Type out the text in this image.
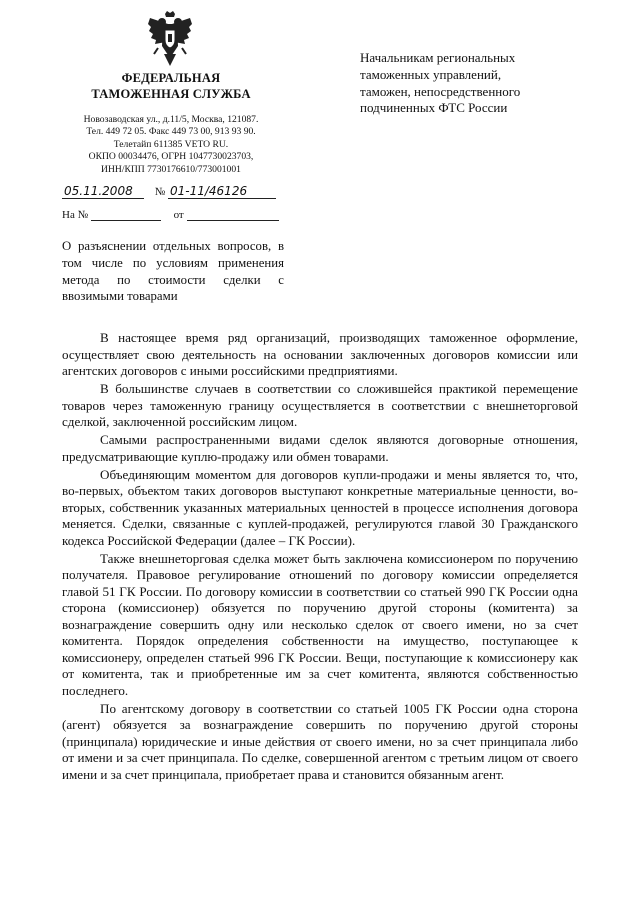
ФЕДЕРАЛЬНАЯ
ТАМОЖЕННАЯ СЛУЖБА
Новозаводская ул., д.11/5, Москва, 121087.
Тел. 449 72 05. Факс 449 73 00, 913 93 90.
Телетайп 611385 VETO RU.
ОКПО 00034476, ОГРН 1047730023703,
ИНН/КПП 7730176610/773001001
05.11.2008 № 01-11/46126
На №	от
Начальникам региональных
таможенных управлений,
таможен, непосредственного
подчиненных ФТС России
О разъяснении отдельных вопросов, в том числе по условиям применения метода по стоимости сделки с ввозимыми товарами

В настоящее время ряд организаций, производящих таможенное оформление, осуществляет свою деятельность на основании заключенных договоров комиссии или агентских договоров с иными российскими предприятиями.

В большинстве случаев в соответствии со сложившейся практикой перемещение товаров через таможенную границу осуществляется в соответствии с внешнеторговой сделкой, заключенной российским лицом.

Самыми распространенными видами сделок являются договорные отношения, предусматривающие куплю-продажу или обмен товарами.

Объединяющим моментом для договоров купли-продажи и мены является то, что, во-первых, объектом таких договоров выступают конкретные материальные ценности, во-вторых, собственник указанных материальных ценностей в процессе исполнения договора меняется. Сделки, связанные с куплей-продажей, регулируются главой 30 Гражданского кодекса Российской Федерации (далее – ГК России).

Также внешнеторговая сделка может быть заключена комиссионером по поручению получателя. Правовое регулирование отношений по договору комиссии определяется главой 51 ГК России. По договору комиссии в соответствии со статьей 990 ГК России одна сторона (комиссионер) обязуется по поручению другой стороны (комитента) за вознаграждение совершить одну или несколько сделок от своего имени, но за счет комитента. Порядок определения собственности на имущество, поступающее к комиссионеру, определен статьей 996 ГК России. Вещи, поступающие к комиссионеру как от комитента, так и приобретенные им за счет комитента, являются собственностью последнего.

По агентскому договору в соответствии со статьей 1005 ГК России одна сторона (агент) обязуется за вознаграждение совершить по поручению другой стороны (принципала) юридические и иные действия от своего имени, но за счет принципала либо от имени и за счет принципала. По сделке, совершенной агентом с третьим лицом от своего имени и за счет принципала, приобретает права и становится обязанным агент.
